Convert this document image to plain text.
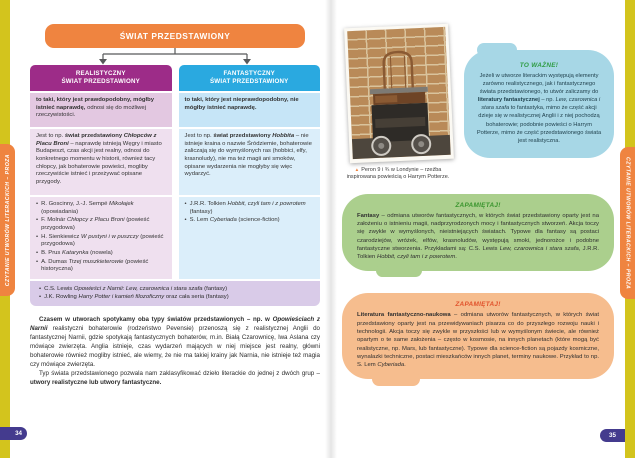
CZYTANIE UTWORÓW LITERACKICH – PROZA	CZYTANIE UTWORÓW LITERACKICH – PROZA
34	35
ŚWIAT PRZEDSTAWIONY
REALISTYCZNY
ŚWIAT PRZEDSTAWIONY
to taki, który jest prawdopodobny, mógłby istnieć naprawdę, odnosi się do możliwej rzeczywistości.
Jest to np. świat przedstawiony Chłopców z Placu Broni – naprawdę istnieją Węgry i miasto Budapeszt, czas akcji jest realny, odnosi do konkretnego momentu w historii, również tacy chłopcy, jak bohaterowie powieści, mogliby rzeczywiście istnieć i przeżywać opisane przygody.
• R. Goscinny, J.-J. Sempé Mikołajek (opowiadania)
• F. Molnár Chłopcy z Placu Broni (powieść przygodowa)
• H. Sienkiewicz W pustyni i w puszczy (powieść przygodowa)
• B. Prus Katarynka (nowela)
• A. Dumas Trzej muszkieterowie (powieść historyczna)
FANTASTYCZNY
ŚWIAT PRZEDSTAWIONY
to taki, który jest nieprawdopodobny, nie mógłby istnieć naprawdę.
Jest to np. świat przedstawiony Hobbita – nie istnieje kraina o nazwie Śródziemie, bohaterowie zaliczają się do wymyślonych ras (hobbici, elfy, krasnoludy), nie ma też magii ani smoków, opisane wydarzenia nie mogłyby się więc wydarzyć.
• J.R.R. Tolkien Hobbit, czyli tam i z powrotem (fantasy)
• S. Lem Cyberiada (science-fiction)
• C.S. Lewis Opowieści z Narnii: Lew, czarownica i stara szafa (fantasy)
• J.K. Rowling Harry Potter i kamień filozoficzny oraz cała seria (fantasy)

Czasem w utworach spotykamy oba typy światów przedstawionych – np. w Opowieściach z Narnii realistyczni bohaterowie (rodzeństwo Pevensie) przenoszą się z realistycznej Anglii do fantastycznej Narnii, gdzie spotykają fantastycznych bohaterów, m.in. Białą Czarownicę, lwa Aslana czy mówiące zwierzęta. Anglia istnieje, czas wydarzeń mających w niej miejsce jest realny, główni bohaterowie również mogliby istnieć, ale wiemy, że nie ma takiej krainy jak Narnia, nie istnieje też magia czy mówiące zwierzęta.

Typ świata przedstawionego pozwala nam zaklasyfikować dzieło literackie do jednej z dwóch grup – utwory realistyczne lub utwory fantastyczne.

▲ Peron 9 i ¾ w Londynie – rzeźba inspirowana powieścią o Harrym Potterze.
TO WAŻNE!
Jeżeli w utworze literackim występują elementy zarówno realistycznego, jak i fantastycznego świata przedstawionego, to utwór zaliczamy do literatury fantastycznej – np. Lew, czarownica i stara szafa to fantastyka, mimo że część akcji dzieje się w realistycznej Anglii i z niej pochodzą bohaterowie; podobnie powieści o Harrym Potterze, mimo że część przedstawionego świata jest realistyczna.
ZAPAMIĘTAJ!
Fantasy – odmiana utworów fantastycznych, w których świat przedstawiony oparty jest na założeniu o istnieniu magii, nadprzyrodzonych mocy i fantastycznych stworzeń. Akcja toczy się zwykle w wymyślonych, nieistniejących światach. Typowe dla fantasy są postaci czarodziejów, wróżek, elfów, krasnoludów, występują smoki, jednorożce i podobne fantastyczne stworzenia. Przykładami są: C.S. Lewis Lew, czarownica i stara szafa, J.R.R. Tolkien Hobbit, czyli tam i z powrotem.
ZAPAMIĘTAJ!
Literatura fantastyczno-naukowa – odmiana utworów fantastycznych, w których świat przedstawiony oparty jest na przewidywaniach pisarza co do przyszłego rozwoju nauki i technologii. Akcja toczy się zwykle w przyszłości lub w wymyślonym świecie, ale również opartym o te same założenia – często w kosmosie, na innych planetach (które mogą być realistyczne, np. Mars, lub fantastyczne). Typowe dla science-fiction są pojazdy kosmiczne, wynalazki techniczne, postaci mieszkańców innych planet, terminy naukowe. Przykład to np. S. Lem Cyberiada.
